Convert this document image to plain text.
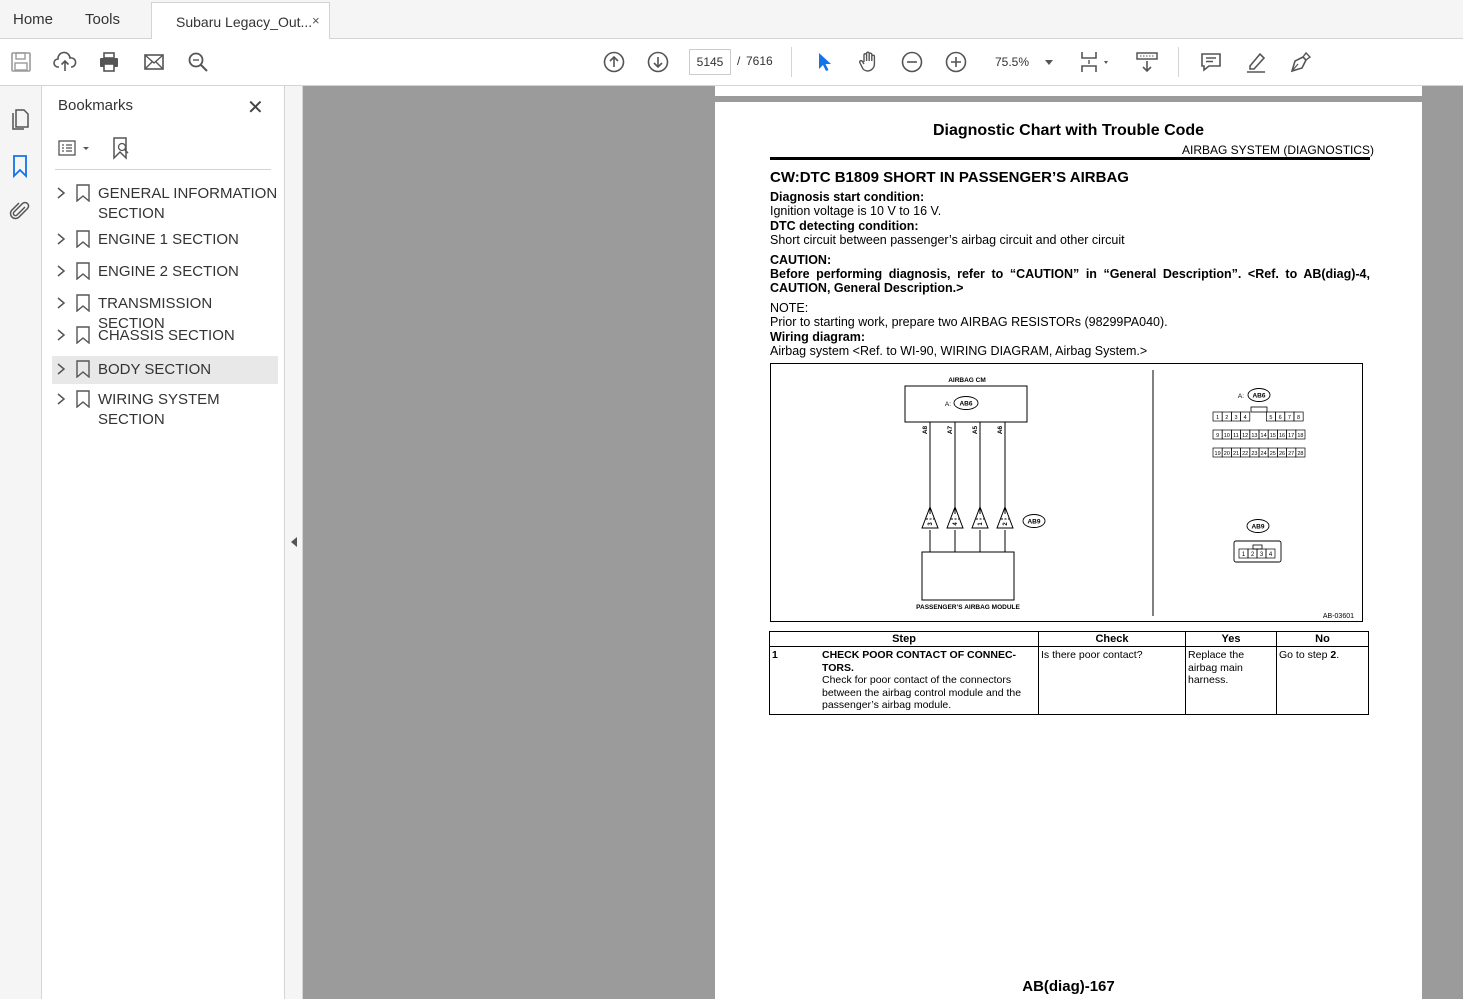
Home Tools	Subaru Legacy_Out... ×
5145	/ 7616	75.5%
Bookmarks	✕
GENERAL INFORMATION SECTION
ENGINE 1 SECTION
ENGINE 2 SECTION
TRANSMISSION SECTION
CHASSIS SECTION
BODY SECTION
WIRING SYSTEM SECTION
Diagnostic Chart with Trouble Code
AIRBAG SYSTEM (DIAGNOSTICS)
CW:DTC B1809 SHORT IN PASSENGER’S AIRBAG
Diagnosis start condition:
Ignition voltage is 10 V to 16 V.
DTC detecting condition:
Short circuit between passenger’s airbag circuit and other circuit
CAUTION:
Before performing diagnosis, refer to “CAUTION” in “General Description”. <Ref. to AB(diag)-4, CAUTION, General Description.>
NOTE:
Prior to starting work, prepare two AIRBAG RESISTORs (98299PA040).
Wiring diagram:
Airbag system <Ref. to WI-90, WIRING DIAGRAM, Airbag System.>
AIRBAG CM
A: AB6
A8	A7	A5	A6
3	4	1	2	AB9
PASSENGER’S AIRBAG MODULE
A: AB6
1 2 3 4	5 6 7 8
9 10 11 12 13 14 15 16 17 18
19 20 21 22 23 24 25 26 27 28
AB9
1 2 3 4
AB-03601
Step	Check	Yes	No

1 CHECK POOR CONTACT OF CONNEC-TORS.
Check for poor contact of the connectors between the airbag control module and the passenger’s airbag module.	Is there poor contact?	Replace the airbag main harness.	Go to step 2.
AB(diag)-167
